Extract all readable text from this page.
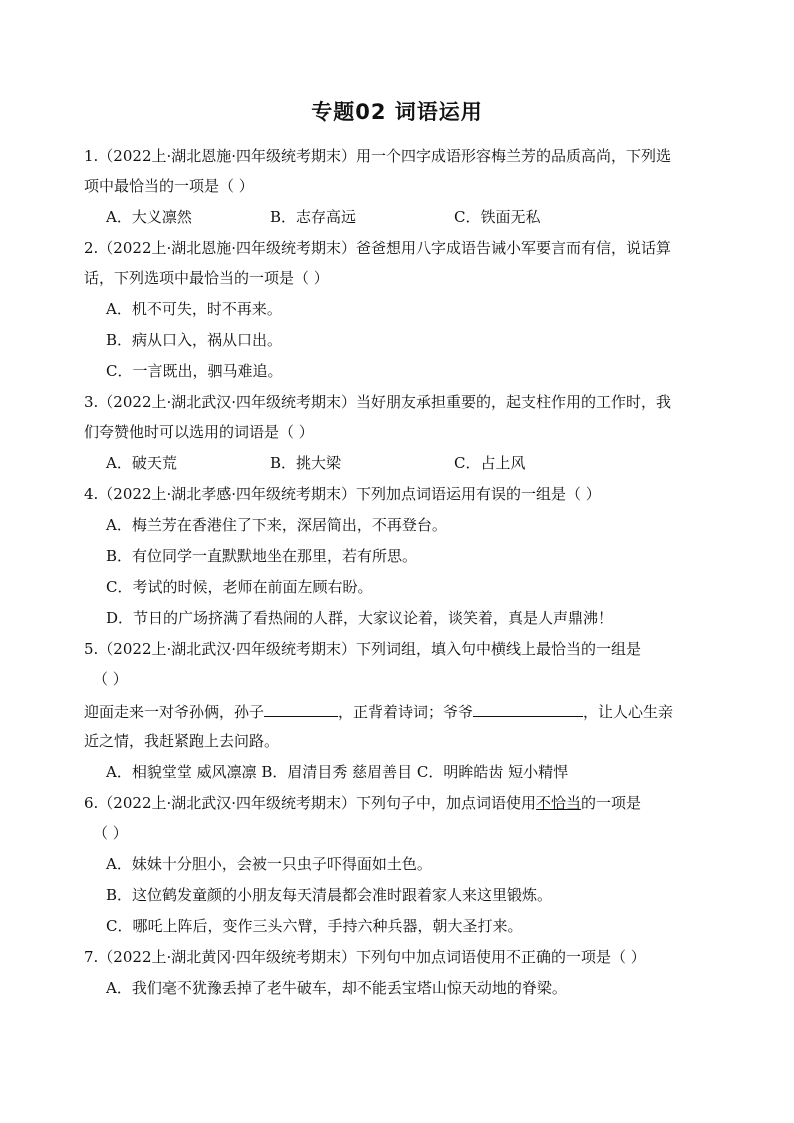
专题02 词语运用
1.（2022上·湖北恩施·四年级统考期末）用一个四字成语形容梅兰芳的品质高尚，下列选
项中最恰当的一项是（ ）
A．大义凛然	B．志存高远	C．铁面无私
2.（2022上·湖北恩施·四年级统考期末）爸爸想用八字成语告诫小军要言而有信，说话算
话，下列选项中最恰当的一项是（ ）
A．机不可失，时不再来。
B．病从口入，祸从口出。
C．一言既出，驷马难追。
3.（2022上·湖北武汉·四年级统考期末）当好朋友承担重要的，起支柱作用的工作时，我
们夸赞他时可以选用的词语是（ ）
A．破天荒	B．挑大梁	C．占上风
4.（2022上·湖北孝感·四年级统考期末）下列加点词语运用有误的一组是（ ）
A．梅兰芳在香港住了下来，深居简出，不再登台。
B．有位同学一直默默地坐在那里，若有所思。
C．考试的时候，老师在前面左顾右盼。
D．节日的广场挤满了看热闹的人群，大家议论着，谈笑着，真是人声鼎沸！
5.（2022上·湖北武汉·四年级统考期末）下列词组，填入句中横线上最恰当的一组是
（ ）
迎面走来一对爷孙俩，孙子	，正背着诗词；爷爷	，让人心生亲
近之情，我赶紧跑上去问路。
A．相貌堂堂 威风凛凛 B．眉清目秀 慈眉善目 C．明眸皓齿 短小精悍
6.（2022上·湖北武汉·四年级统考期末）下列句子中，加点词语使用不恰当的一项是
（ ）
A．妹妹十分胆小，会被一只虫子吓得面如土色。
B．这位鹤发童颜的小朋友每天清晨都会准时跟着家人来这里锻炼。
C．哪吒上阵后，变作三头六臂，手持六种兵器，朝大圣打来。
7.（2022上·湖北黄冈·四年级统考期末）下列句中加点词语使用不正确的一项是（ ）
A．我们毫不犹豫丢掉了老牛破车，却不能丢宝塔山惊天动地的脊梁。
